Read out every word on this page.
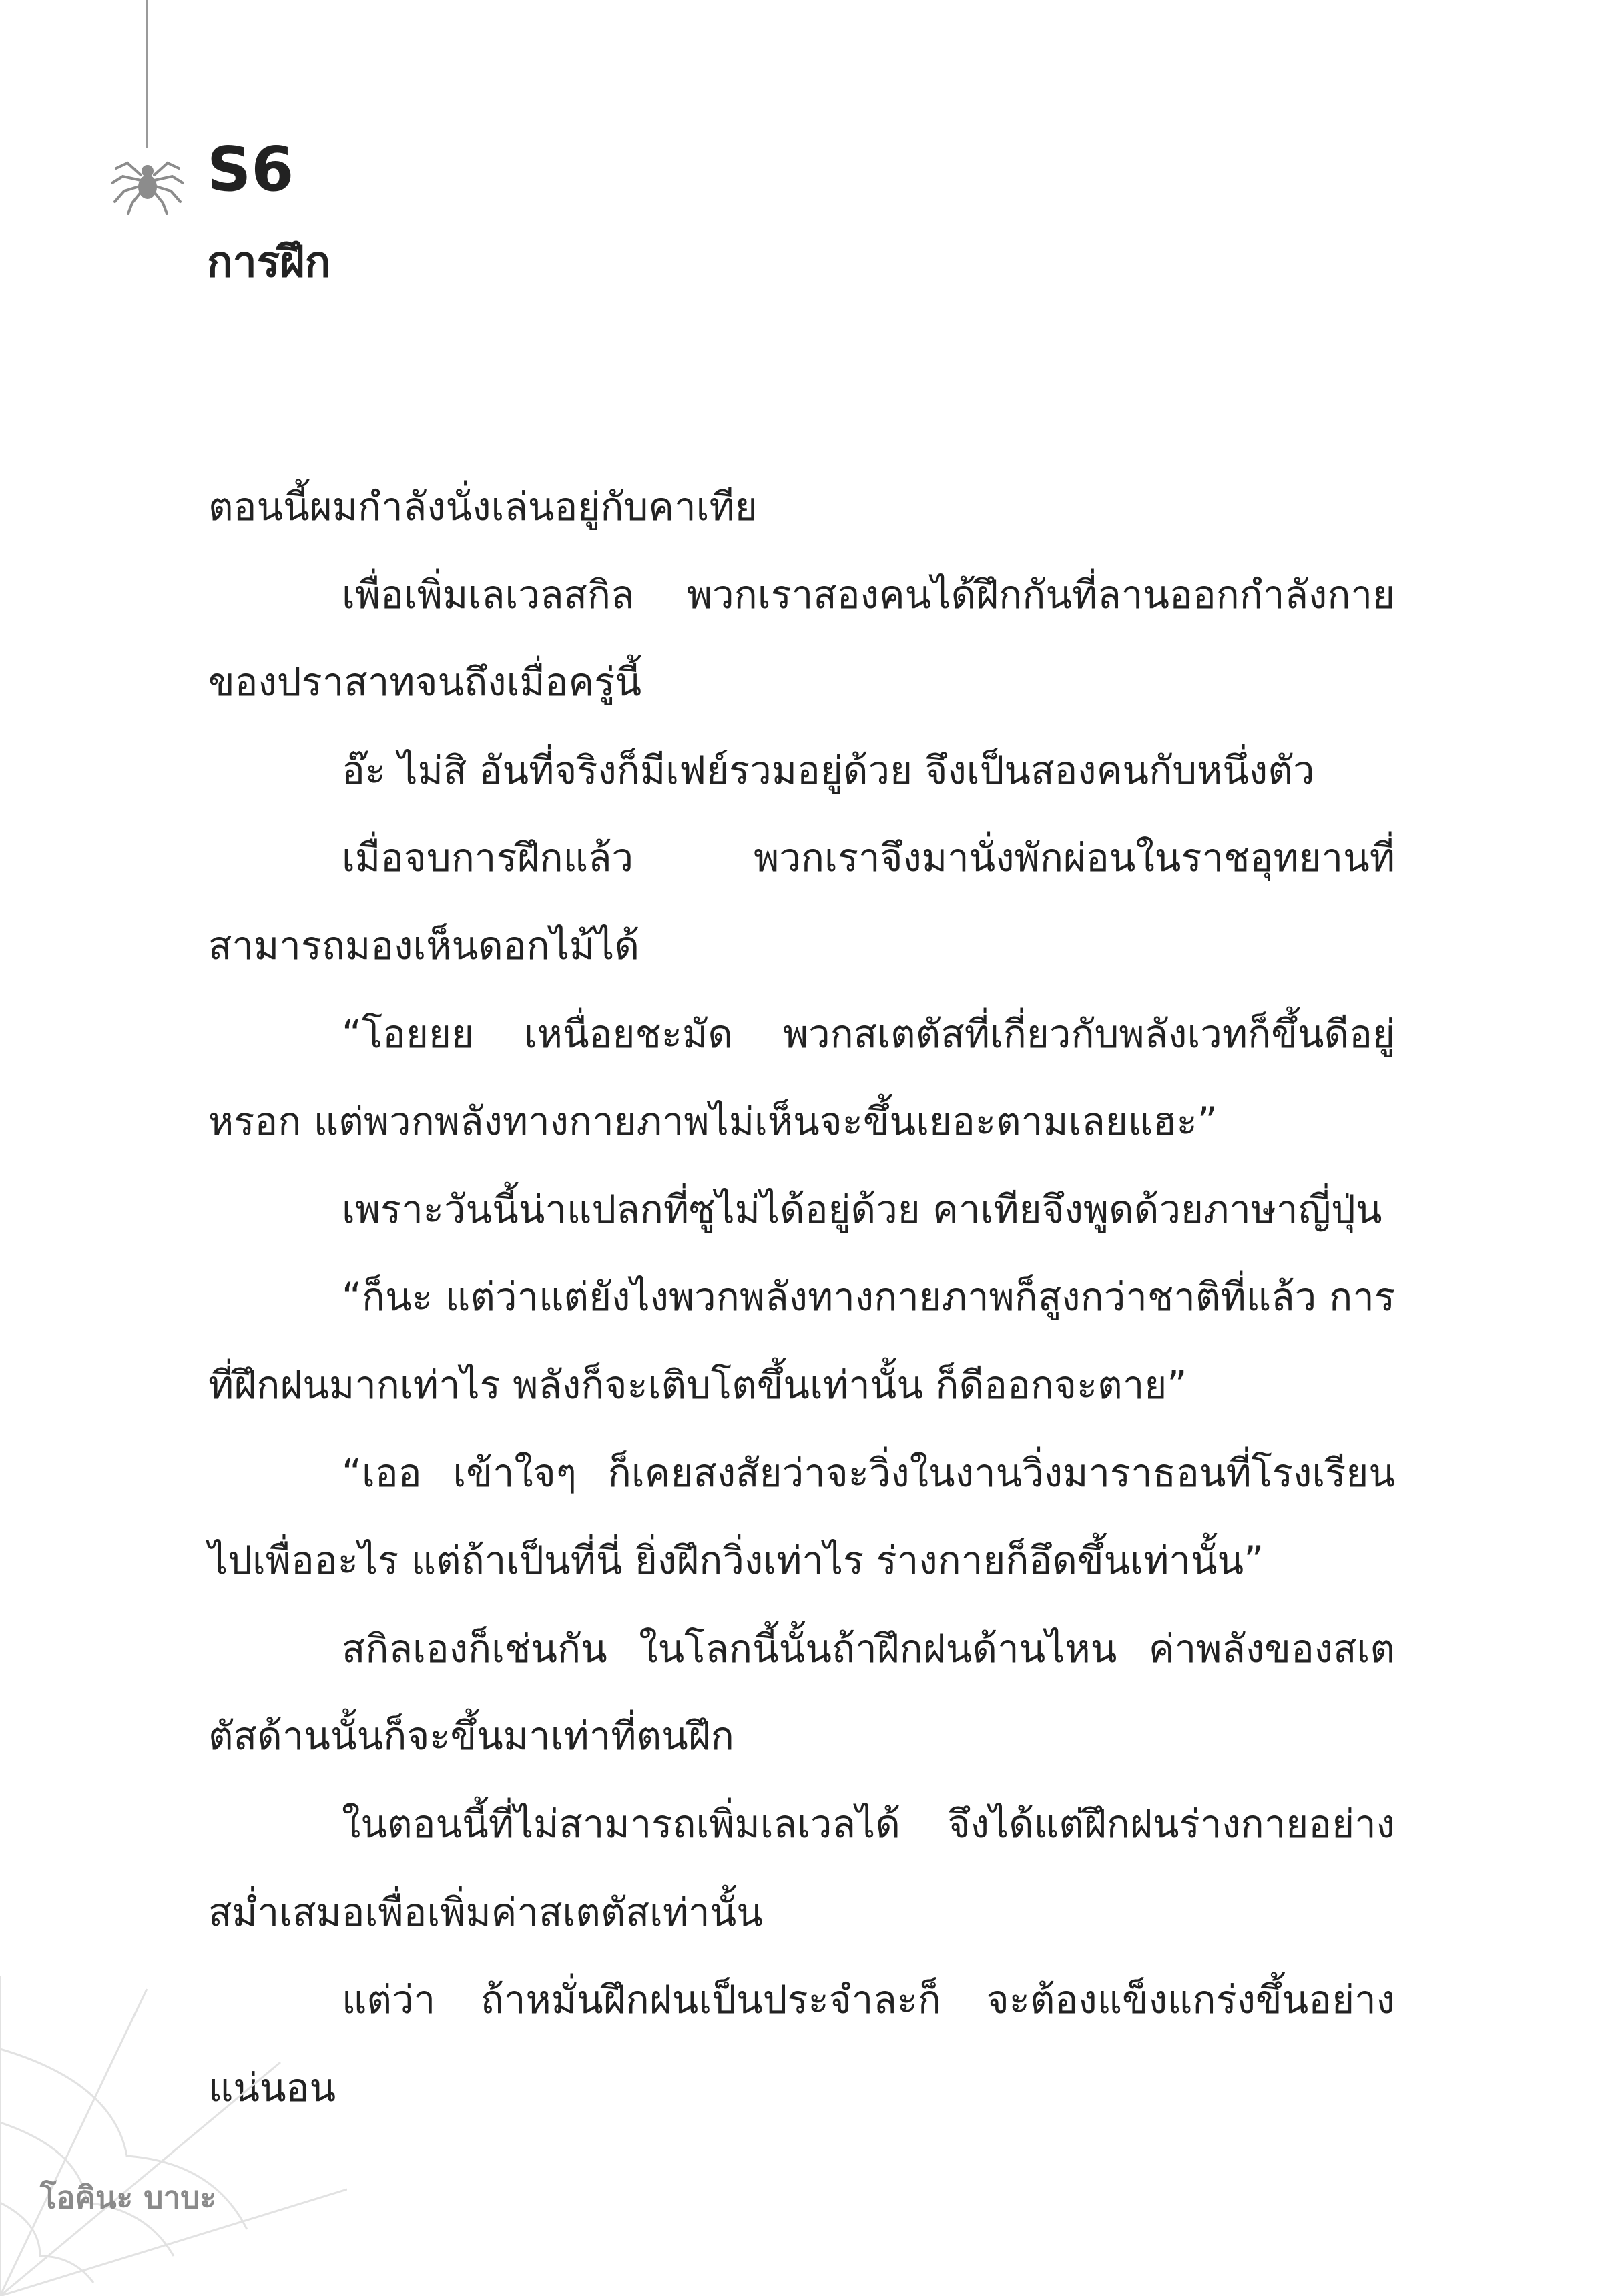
S6
การฝึก

ตอนนี้ผมกำลังนั่งเล่นอยู่กับคาเทีย

เพื่อเพิ่มเลเวลสกิล พวกเราสองคนได้ฝึกกันที่ลานออกกำลังกายของปราสาทจนถึงเมื่อครู่นี้

อ๊ะ ไม่สิ อันที่จริงก็มีเฟย์รวมอยู่ด้วย จึงเป็นสองคนกับหนึ่งตัว

เมื่อจบการฝึกแล้ว พวกเราจึงมานั่งพักผ่อนในราชอุทยานที่สามารถมองเห็นดอกไม้ได้

“โอยยย เหนื่อยชะมัด พวกสเตตัสที่เกี่ยวกับพลังเวทก็ขึ้นดีอยู่หรอก แต่พวกพลังทางกายภาพไม่เห็นจะขึ้นเยอะตามเลยแฮะ”

เพราะวันนี้น่าแปลกที่ซูไม่ได้อยู่ด้วย คาเทียจึงพูดด้วยภาษาญี่ปุ่น

“ก็นะ แต่ว่าแต่ยังไงพวกพลังทางกายภาพก็สูงกว่าชาติที่แล้ว การที่ฝึกฝนมากเท่าไร พลังก็จะเติบโตขึ้นเท่านั้น ก็ดีออกจะตาย”

“เออ เข้าใจๆ ก็เคยสงสัยว่าจะวิ่งในงานวิ่งมาราธอนที่โรงเรียนไปเพื่ออะไร แต่ถ้าเป็นที่นี่ ยิ่งฝึกวิ่งเท่าไร ร่างกายก็อึดขึ้นเท่านั้น”

สกิลเองก็เช่นกัน ในโลกนี้นั้นถ้าฝึกฝนด้านไหน ค่าพลังของสเตตัสด้านนั้นก็จะขึ้นมาเท่าที่ตนฝึก

ในตอนนี้ที่ไม่สามารถเพิ่มเลเวลได้ จึงได้แต่ฝึกฝนร่างกายอย่างสม่ำเสมอเพื่อเพิ่มค่าสเตตัสเท่านั้น

แต่ว่า ถ้าหมั่นฝึกฝนเป็นประจำละก็ จะต้องแข็งแกร่งขึ้นอย่างแน่นอน

โอคินะ บาบะ
